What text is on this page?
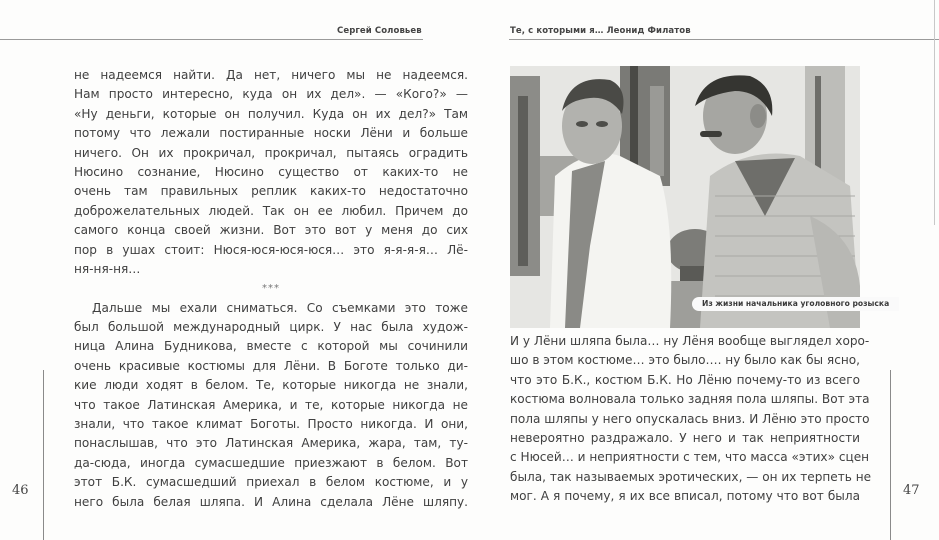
Сергей Соловьев	Те, с которыми я… Леонид Филатов
не надеемся найти. Да нет, ничего мы не надеемся.
Нам просто интересно, куда он их дел». — «Кого?» —
«Ну деньги, которые он получил. Куда он их дел?» Там
потому что лежали постиранные носки Лёни и больше
ничего. Он их прокричал, прокричал, пытаясь оградить
Нюсино сознание, Нюсино существо от каких-то не
очень там правильных реплик каких-то недостаточно
доброжелательных людей. Так он ее любил. Причем до
самого конца своей жизни. Вот это вот у меня до сих
пор в ушах стоит: Нюся-юся-юся-юся… это я-я-я-я… Лё-
ня-ня-ня…
***
Дальше мы ехали сниматься. Со съемками это тоже
был большой международный цирк. У нас была худож-
ница Алина Будникова, вместе с которой мы сочинили
очень красивые костюмы для Лёни. В Боготе только ди-
кие люди ходят в белом. Те, которые никогда не знали,
что такое Латинская Америка, и те, которые никогда не
знали, что такое климат Боготы. Просто никогда. И они,
понаслышав, что это Латинская Америка, жара, там, ту-
да-сюда, иногда сумасшедшие приезжают в белом. Вот
этот Б.К. сумасшедший приехал в белом костюме, и у
него была белая шляпа. И Алина сделала Лёне шляпу.
46
Из жизни начальника уголовного розыска
И у Лёни шляпа была… ну Лёня вообще выглядел хоро-
шо в этом костюме… это было…. ну было как бы ясно,
что это Б.К., костюм Б.К. Но Лёню почему-то из всего
костюма волновала только задняя пола шляпы. Вот эта
пола шляпы у него опускалась вниз. И Лёню это просто
невероятно раздражало. У него и так неприятности
с Нюсей… и неприятности с тем, что масса «этих» сцен
была, так называемых эротических, — он их терпеть не
мог. А я почему, я их все вписал, потому что вот была	47
